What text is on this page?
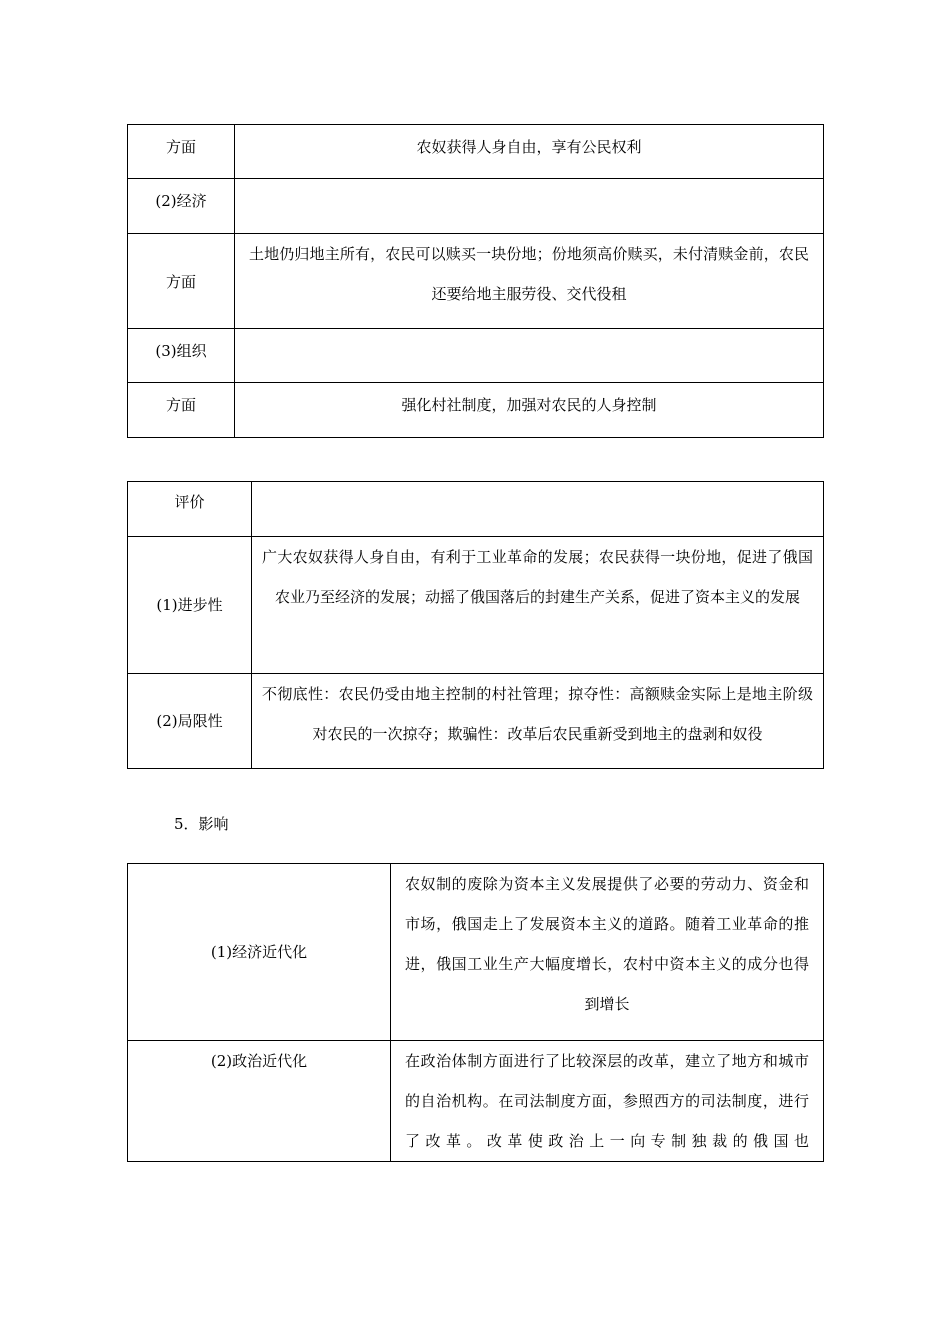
方面	农奴获得人身自由，享有公民权利
(2)经济	
方面	土地仍归地主所有，农民可以赎买一块份地；份地须高价赎买，未付清赎金前，农民还要给地主服劳役、交代役租
(3)组织	
方面	强化村社制度，加强对农民的人身控制
评价	
(1)进步性	广大农奴获得人身自由，有利于工业革命的发展；农民获得一块份地，促进了俄国农业乃至经济的发展；动摇了俄国落后的封建生产关系，促进了资本主义的发展
(2)局限性	不彻底性：农民仍受由地主控制的村社管理；掠夺性：高额赎金实际上是地主阶级对农民的一次掠夺；欺骗性：改革后农民重新受到地主的盘剥和奴役
5．影响
(1)经济近代化	农奴制的废除为资本主义发展提供了必要的劳动力、资金和市场，俄国走上了发展资本主义的道路。随着工业革命的推进，俄国工业生产大幅度增长，农村中资本主义的成分也得到增长
(2)政治近代化	在政治体制方面进行了比较深层的改革，建立了地方和城市的自治机构。在司法制度方面，参照西方的司法制度，进行了改革。改革使政治上一向专制独裁的俄国也
